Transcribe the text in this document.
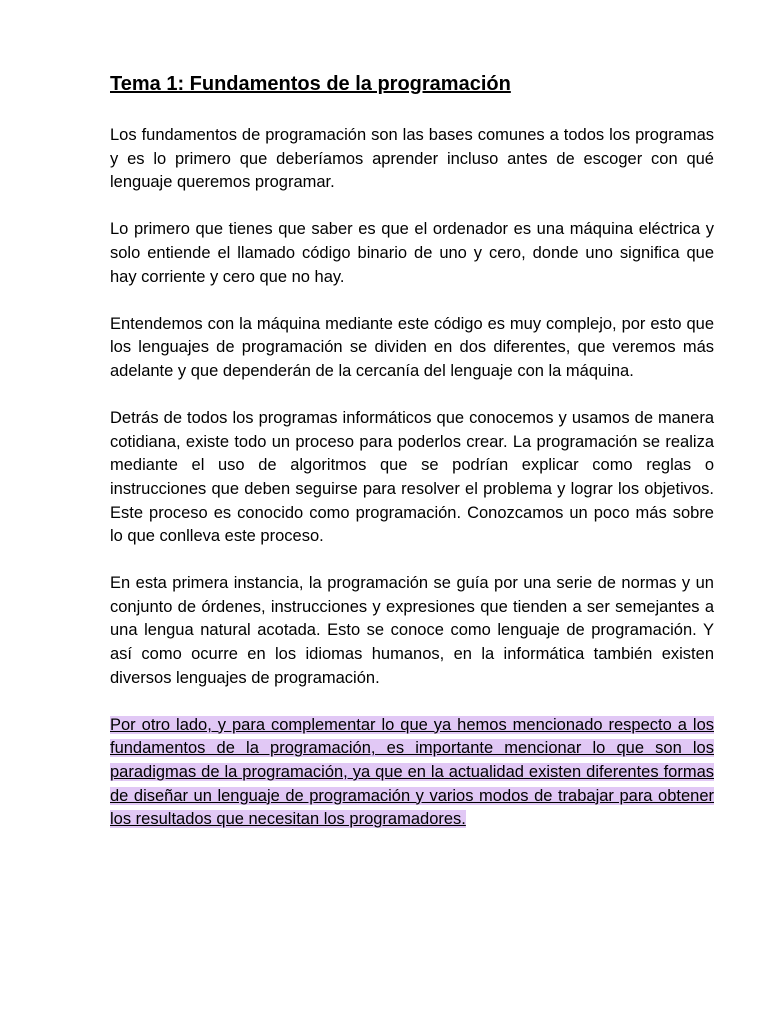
Tema 1: Fundamentos de la programación

Los fundamentos de programación son las bases comunes a todos los programas y es lo primero que deberíamos aprender incluso antes de escoger con qué lenguaje queremos programar.

Lo primero que tienes que saber es que el ordenador es una máquina eléctrica y solo entiende el llamado código binario de uno y cero, donde uno significa que hay corriente y cero que no hay.

Entendemos con la máquina mediante este código es muy complejo, por esto que los lenguajes de programación se dividen en dos diferentes, que veremos más adelante y que dependerán de la cercanía del lenguaje con la máquina.

Detrás de todos los programas informáticos que conocemos y usamos de manera cotidiana, existe todo un proceso para poderlos crear. La programación se realiza mediante el uso de algoritmos que se podrían explicar como reglas o instrucciones que deben seguirse para resolver el problema y lograr los objetivos. Este proceso es conocido como programación. Conozcamos un poco más sobre lo que conlleva este proceso.

En esta primera instancia, la programación se guía por una serie de normas y un conjunto de órdenes, instrucciones y expresiones que tienden a ser semejantes a una lengua natural acotada. Esto se conoce como lenguaje de programación. Y así como ocurre en los idiomas humanos, en la informática también existen diversos lenguajes de programación.

Por otro lado, y para complementar lo que ya hemos mencionado respecto a los fundamentos de la programación, es importante mencionar lo que son los paradigmas de la programación, ya que en la actualidad existen diferentes formas de diseñar un lenguaje de programación y varios modos de trabajar para obtener los resultados que necesitan los programadores.
